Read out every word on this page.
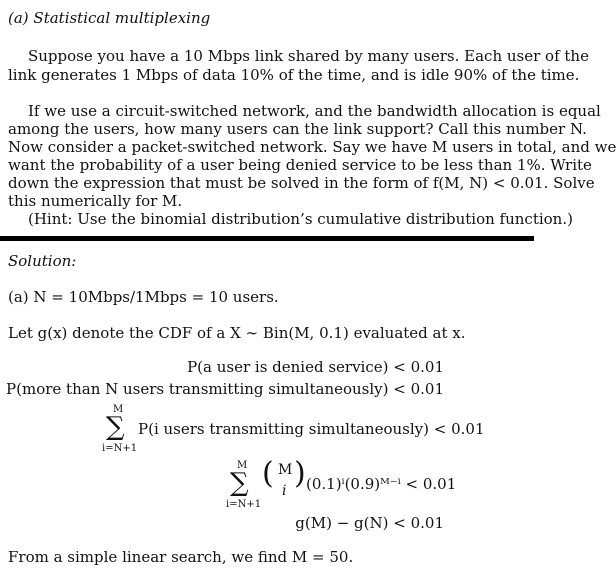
(a) Statistical multiplexing
Suppose you have a 10 Mbps link shared by many users. Each user of the
link generates 1 Mbps of data 10% of the time, and is idle 90% of the time.
If we use a circuit-switched network, and the bandwidth allocation is equal
among the users, how many users can the link support? Call this number N.
Now consider a packet-switched network. Say we have M users in total, and we
want the probability of a user being denied service to be less than 1%. Write
down the expression that must be solved in the form of f(M, N) < 0.01. Solve
this numerically for M.
(Hint: Use the binomial distribution’s cumulative distribution function.)
Solution:
(a) N = 10Mbps/1Mbps = 10 users.
Let g(x) denote the CDF of a X ∼ Bin(M, 0.1) evaluated at x.
P(a user is denied service) < 0.01
P(more than N users transmitting simultaneously) < 0.01
M
∑
i=N+1
P(i users transmitting simultaneously) < 0.01
M
∑
i=N+1
( M
i ) (0.1)ⁱ(0.9)ᴹ⁻ⁱ < 0.01
g(M) − g(N) < 0.01
From a simple linear search, we find M = 50.
